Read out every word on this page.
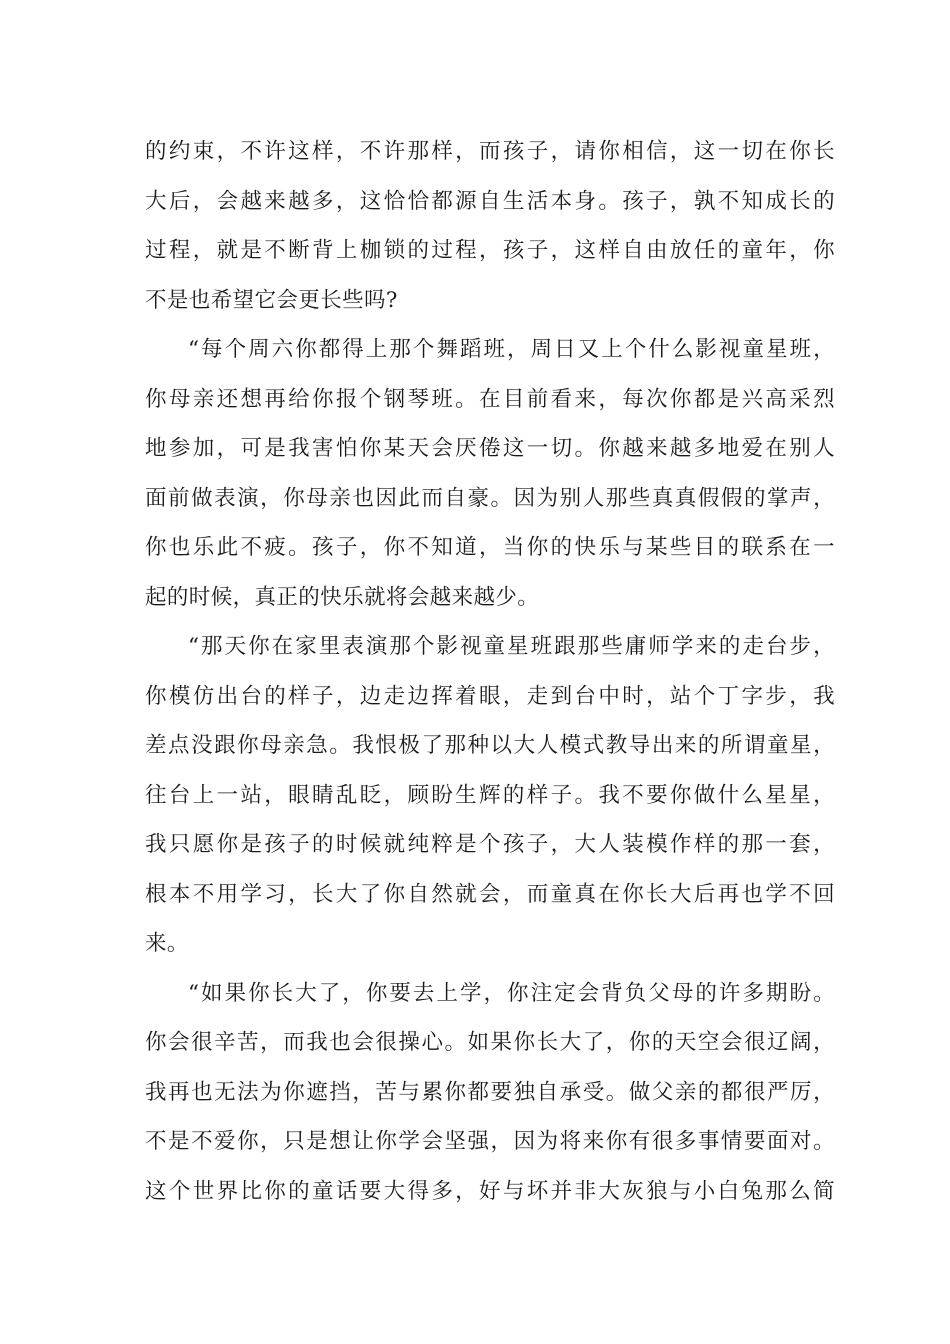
的约束，不许这样，不许那样，而孩子，请你相信，这一切在你长
大后，会越来越多，这恰恰都源自生活本身。孩子，孰不知成长的
过程，就是不断背上枷锁的过程，孩子，这样自由放任的童年，你
不是也希望它会更长些吗?
“每个周六你都得上那个舞蹈班，周日又上个什么影视童星班，
你母亲还想再给你报个钢琴班。在目前看来，每次你都是兴高采烈
地参加，可是我害怕你某天会厌倦这一切。你越来越多地爱在别人
面前做表演，你母亲也因此而自豪。因为别人那些真真假假的掌声，
你也乐此不疲。孩子，你不知道，当你的快乐与某些目的联系在一
起的时候，真正的快乐就将会越来越少。
“那天你在家里表演那个影视童星班跟那些庸师学来的走台步，
你模仿出台的样子，边走边挥着眼，走到台中时，站个丁字步，我
差点没跟你母亲急。我恨极了那种以大人模式教导出来的所谓童星，
往台上一站，眼睛乱眨，顾盼生辉的样子。我不要你做什么星星，
我只愿你是孩子的时候就纯粹是个孩子，大人装模作样的那一套，
根本不用学习，长大了你自然就会，而童真在你长大后再也学不回
来。
“如果你长大了，你要去上学，你注定会背负父母的许多期盼。
你会很辛苦，而我也会很操心。如果你长大了，你的天空会很辽阔，
我再也无法为你遮挡，苦与累你都要独自承受。做父亲的都很严厉，
不是不爱你，只是想让你学会坚强，因为将来你有很多事情要面对。
这个世界比你的童话要大得多，好与坏并非大灰狼与小白兔那么简
